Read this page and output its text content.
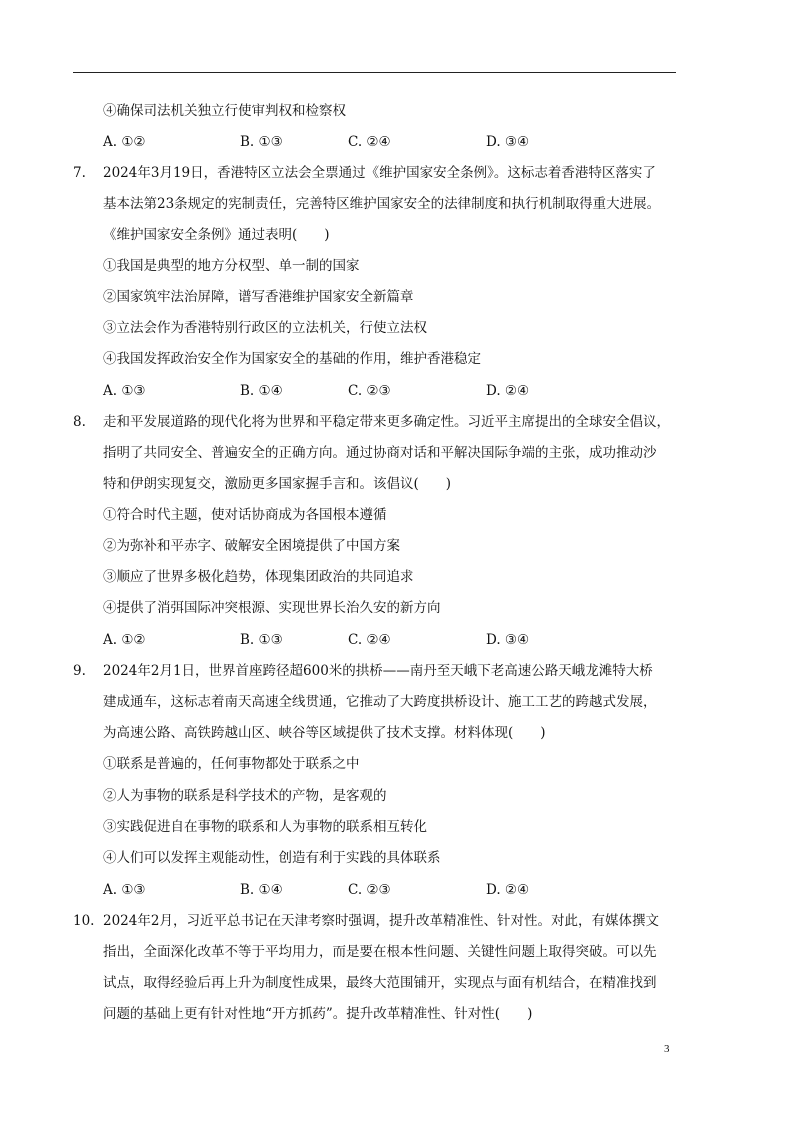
④确保司法机关独立行使审判权和检察权
A. ①②	B. ①③	C. ②④	D. ③④
7. 2024年3月19日，香港特区立法会全票通过《维护国家安全条例》。这标志着香港特区落实了
基本法第23条规定的宪制责任，完善特区维护国家安全的法律制度和执行机制取得重大进展。
《维护国家安全条例》通过表明(　　)
①我国是典型的地方分权型、单一制的国家
②国家筑牢法治屏障，谱写香港维护国家安全新篇章
③立法会作为香港特别行政区的立法机关，行使立法权
④我国发挥政治安全作为国家安全的基础的作用，维护香港稳定
A. ①③	B. ①④	C. ②③	D. ②④
8. 走和平发展道路的现代化将为世界和平稳定带来更多确定性。习近平主席提出的全球安全倡议，
指明了共同安全、普遍安全的正确方向。通过协商对话和平解决国际争端的主张，成功推动沙
特和伊朗实现复交，激励更多国家握手言和。该倡议(　　)
①符合时代主题，使对话协商成为各国根本遵循
②为弥补和平赤字、破解安全困境提供了中国方案
③顺应了世界多极化趋势，体现集团政治的共同追求
④提供了消弭国际冲突根源、实现世界长治久安的新方向
A. ①②	B. ①③	C. ②④	D. ③④
9. 2024年2月1日，世界首座跨径超600米的拱桥——南丹至天峨下老高速公路天峨龙滩特大桥
建成通车，这标志着南天高速全线贯通，它推动了大跨度拱桥设计、施工工艺的跨越式发展，
为高速公路、高铁跨越山区、峡谷等区域提供了技术支撑。材料体现(　　)
①联系是普遍的，任何事物都处于联系之中
②人为事物的联系是科学技术的产物，是客观的
③实践促进自在事物的联系和人为事物的联系相互转化
④人们可以发挥主观能动性，创造有利于实践的具体联系
A. ①③	B. ①④	C. ②③	D. ②④
10. 2024年2月，习近平总书记在天津考察时强调，提升改革精准性、针对性。对此，有媒体撰文
指出，全面深化改革不等于平均用力，而是要在根本性问题、关键性问题上取得突破。可以先
试点，取得经验后再上升为制度性成果，最终大范围铺开，实现点与面有机结合，在精准找到
问题的基础上更有针对性地“开方抓药”。提升改革精准性、针对性(　　)
3
